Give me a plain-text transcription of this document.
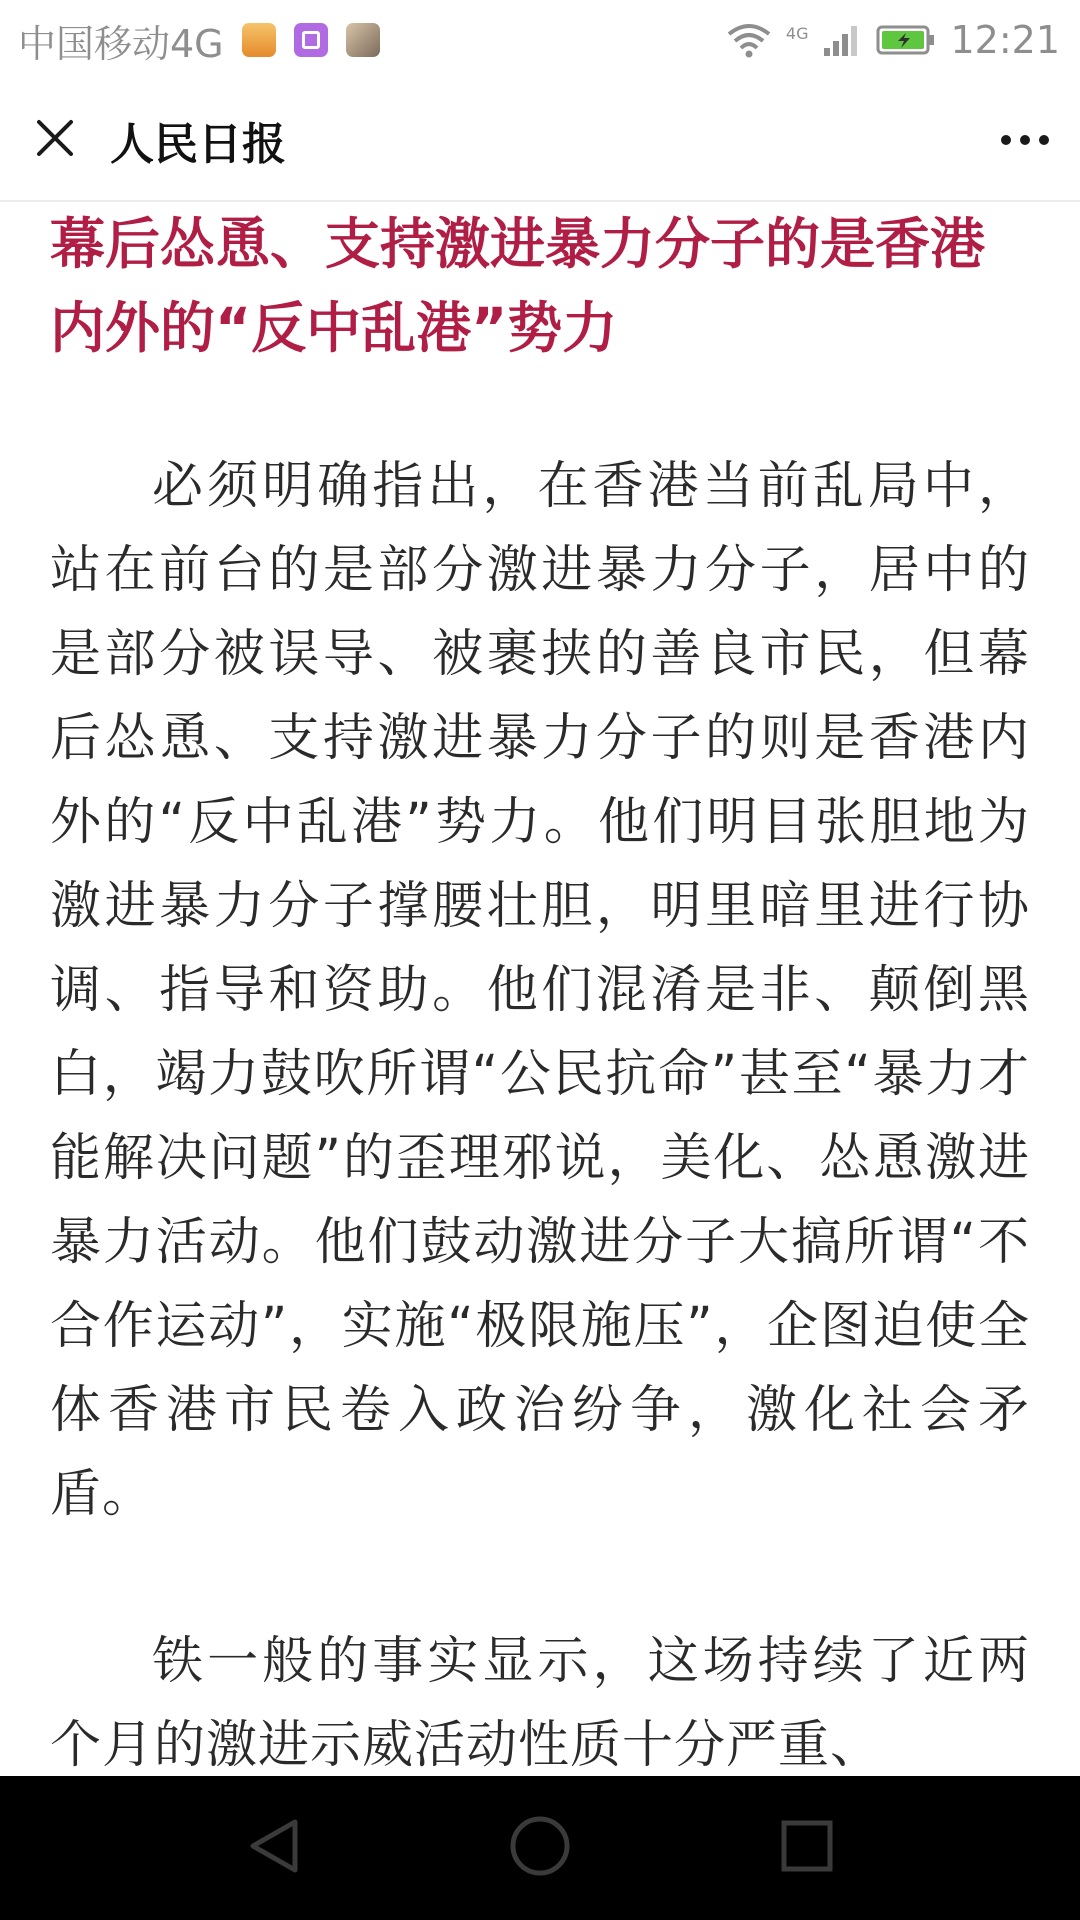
中国移动4G	4G	12:21
人民日报
幕后怂恿、支持激进暴力分子的是香港内外的“反中乱港”势力

必须明确指出，在香港当前乱局中，站在前台的是部分激进暴力分子，居中的是部分被误导、被裹挟的善良市民，但幕后怂恿、支持激进暴力分子的则是香港内外的“反中乱港”势力。他们明目张胆地为激进暴力分子撑腰壮胆，明里暗里进行协调、指导和资助。他们混淆是非、颠倒黑白，竭力鼓吹所谓“公民抗命”甚至“暴力才能解决问题”的歪理邪说，美化、怂恿激进暴力活动。他们鼓动激进分子大搞所谓“不合作运动”，实施“极限施压”，企图迫使全体香港市民卷入政治纷争，激化社会矛盾。

铁一般的事实显示，这场持续了近两个月的激进示威活动性质十分严重、
